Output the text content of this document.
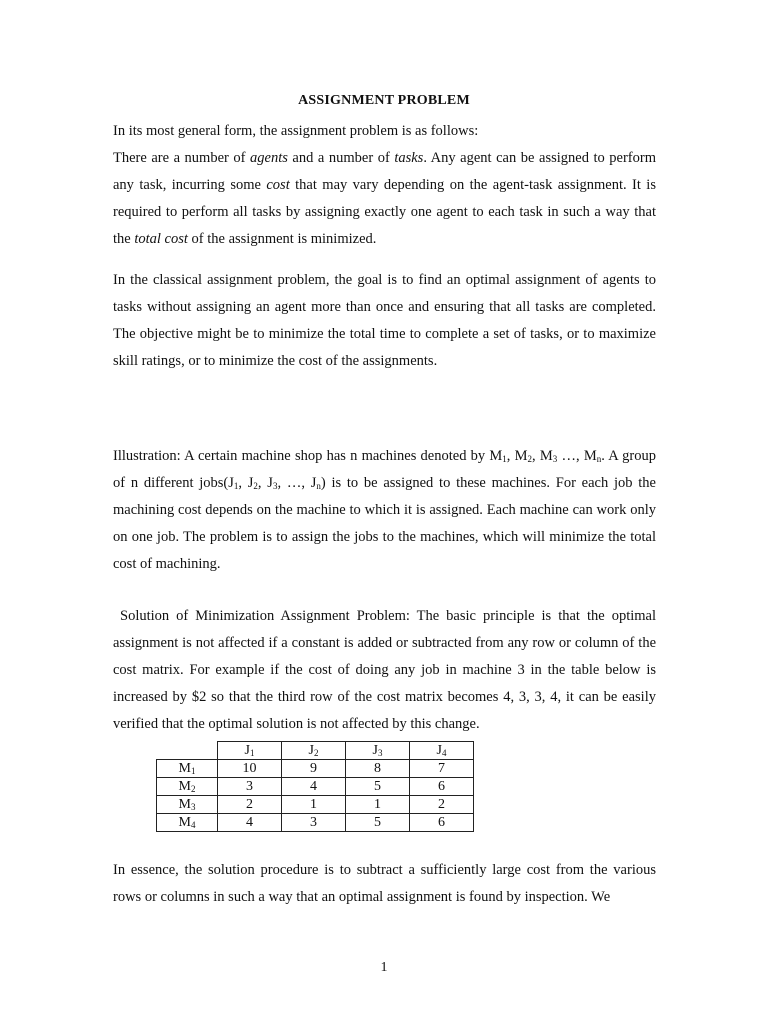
ASSIGNMENT PROBLEM

In its most general form, the assignment problem is as follows:

There are a number of agents and a number of tasks. Any agent can be assigned to perform any task, incurring some cost that may vary depending on the agent-task assignment. It is required to perform all tasks by assigning exactly one agent to each task in such a way that the total cost of the assignment is minimized.

In the classical assignment problem, the goal is to find an optimal assignment of agents to tasks without assigning an agent more than once and ensuring that all tasks are completed. The objective might be to minimize the total time to complete a set of tasks, or to maximize skill ratings, or to minimize the cost of the assignments.

Illustration: A certain machine shop has n machines denoted by $M_1$, $M_2$, $M_3$ …, $M_n$. A group of n different $jobs(J_1$, $J_2$, $J_3$, …, $J_n$) is to be assigned to these machines. For each job the machining cost depends on the machine to which it is assigned. Each machine can work only on one job. The problem is to assign the jobs to the machines, which will minimize the total cost of machining.

Solution of Minimization Assignment Problem: The basic principle is that the optimal assignment is not affected if a constant is added or subtracted from any row or column of the cost matrix. For example if the cost of doing any job in machine 3 in the table below is increased by $2 so that the third row of the cost matrix becomes 4, 3, 3, 4, it can be easily verified that the optimal solution is not affected by this change.

	$J_1$	$J_2$	$J_3$	$J_4$
$M_1$	10	9	8	7
$M_2$	3	4	5	6
$M_3$	2	1	1	2
$M_4$	4	3	5	6

In essence, the solution procedure is to subtract a sufficiently large cost from the various rows or columns in such a way that an optimal assignment is found by inspection. We

1
